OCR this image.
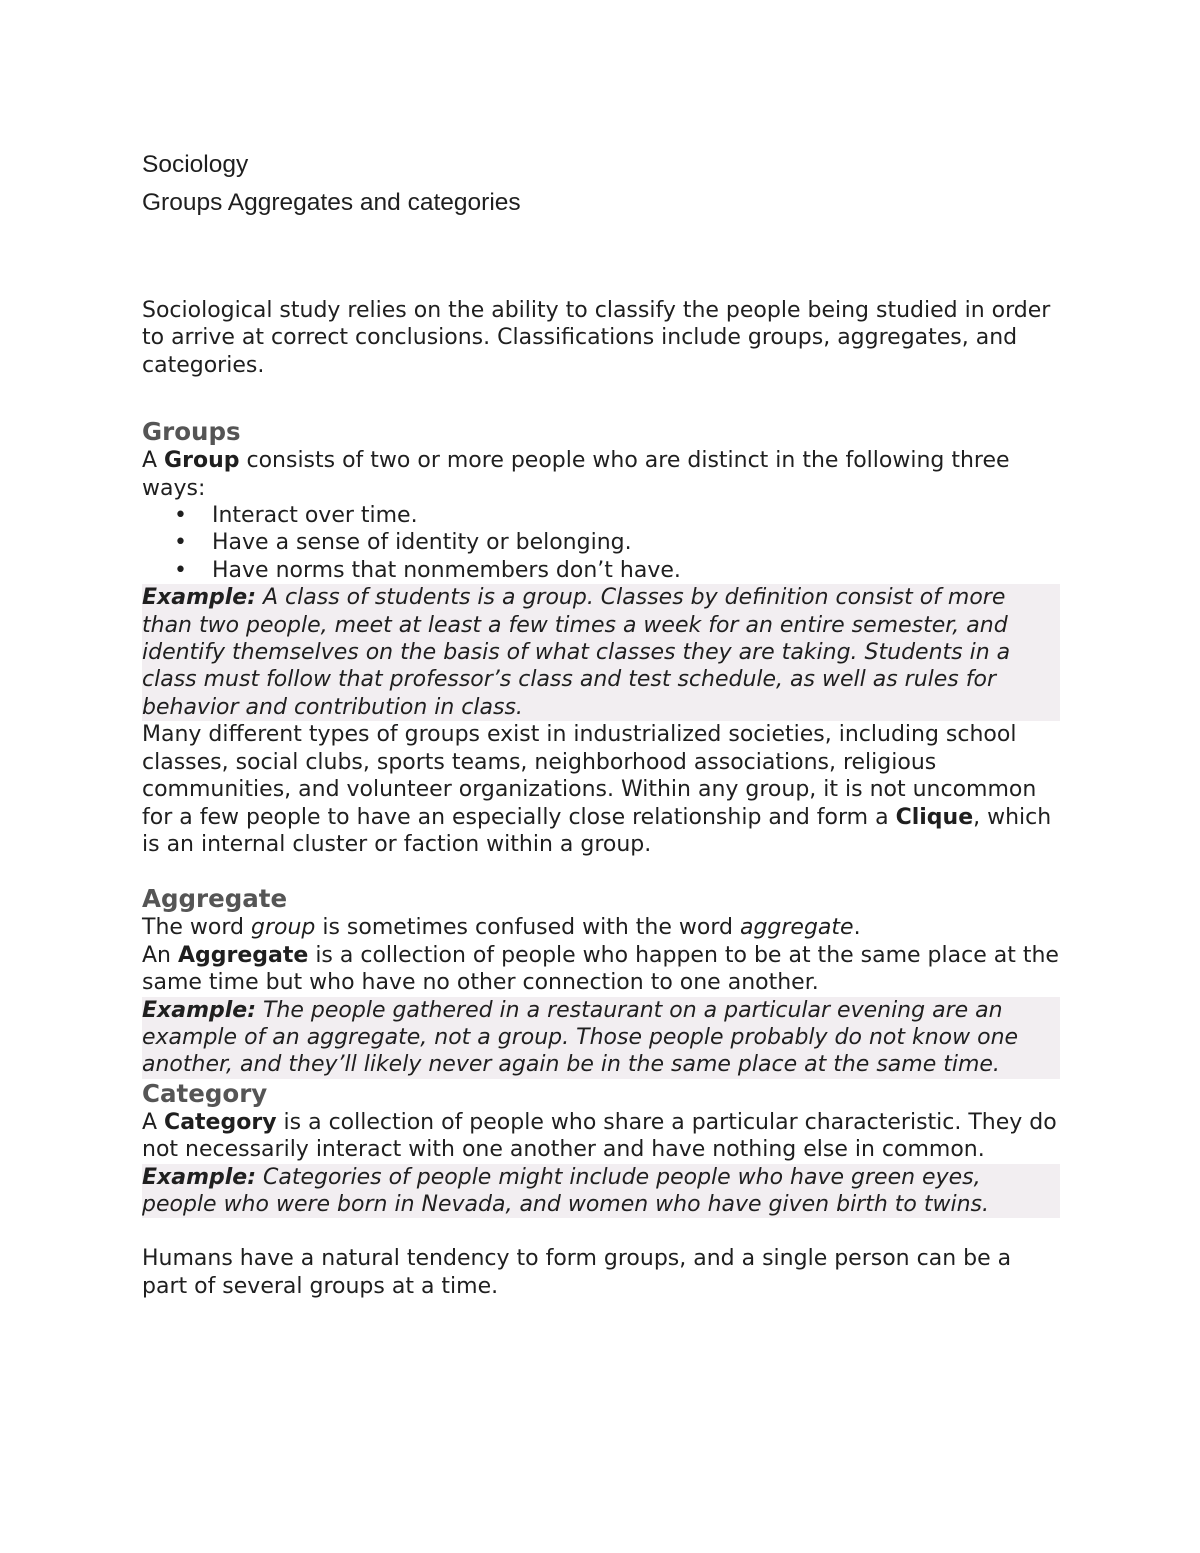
Sociology
Groups Aggregates and categories

Sociological study relies on the ability to classify the people being studied in order to arrive at correct conclusions. Classifications include groups, aggregates, and categories.

Groups

A Group consists of two or more people who are distinct in the following three ways:

• Interact over time.
• Have a sense of identity or belonging.
• Have norms that nonmembers don’t have.

Example: A class of students is a group. Classes by definition consist of more than two people, meet at least a few times a week for an entire semester, and identify themselves on the basis of what classes they are taking. Students in a class must follow that professor’s class and test schedule, as well as rules for behavior and contribution in class.

Many different types of groups exist in industrialized societies, including school classes, social clubs, sports teams, neighborhood associations, religious communities, and volunteer organizations. Within any group, it is not uncommon for a few people to have an especially close relationship and form a Clique, which is an internal cluster or faction within a group.

Aggregate

The word group is sometimes confused with the word aggregate.

An Aggregate is a collection of people who happen to be at the same place at the same time but who have no other connection to one another.

Example: The people gathered in a restaurant on a particular evening are an example of an aggregate, not a group. Those people probably do not know one another, and they’ll likely never again be in the same place at the same time.

Category

A Category is a collection of people who share a particular characteristic. They do not necessarily interact with one another and have nothing else in common.

Example: Categories of people might include people who have green eyes, people who were born in Nevada, and women who have given birth to twins.

Humans have a natural tendency to form groups, and a single person can be a part of several groups at a time.
